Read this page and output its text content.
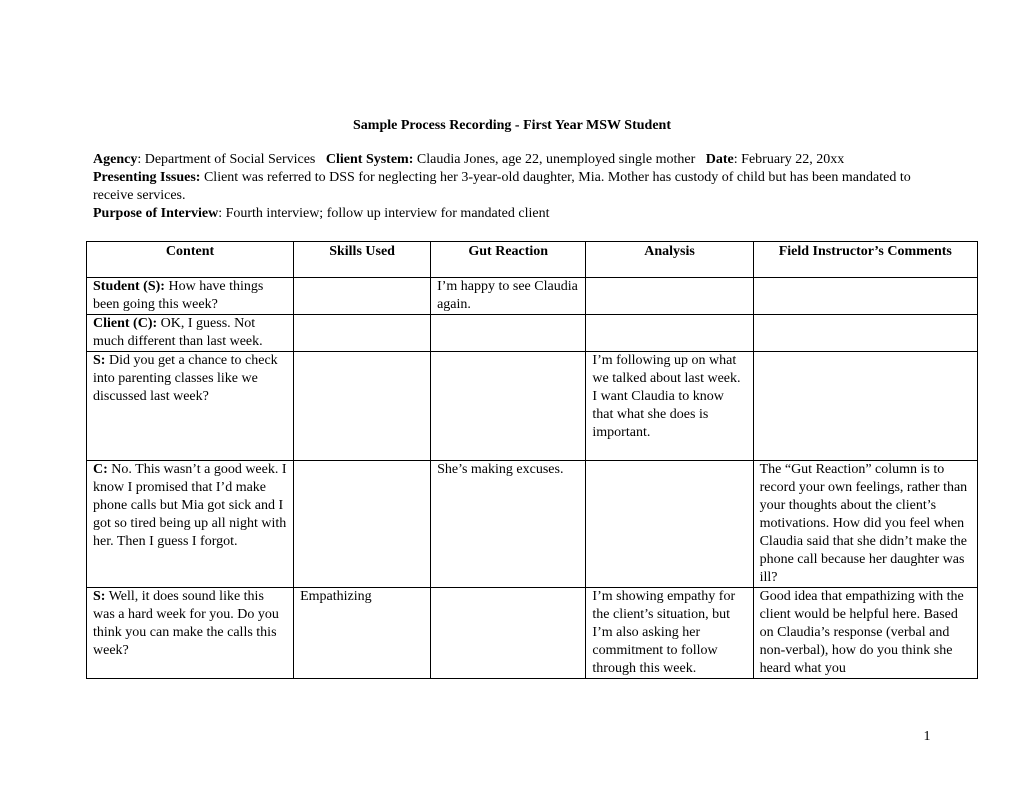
Sample Process Recording - First Year MSW Student

Agency: Department of Social Services Client System: Claudia Jones, age 22, unemployed single mother Date: February 22, 20xx

Presenting Issues: Client was referred to DSS for neglecting her 3-year-old daughter, Mia. Mother has custody of child but has been mandated to receive services.

Purpose of Interview: Fourth interview; follow up interview for mandated client

Content	Skills Used	Gut Reaction	Analysis	Field Instructor’s Comments
Student (S): How have things been going this week?		I’m happy to see Claudia again.		
Client (C): OK, I guess. Not much different than last week.				
S: Did you get a chance to check into parenting classes like we discussed last week?			I’m following up on what we talked about last week. I want Claudia to know that what she does is important.	
C: No. This wasn’t a good week. I know I promised that I’d make phone calls but Mia got sick and I got so tired being up all night with her. Then I guess I forgot.		She’s making excuses.		The “Gut Reaction” column is to record your own feelings, rather than your thoughts about the client’s motivations. How did you feel when Claudia said that she didn’t make the phone call because her daughter was ill?
S: Well, it does sound like this was a hard week for you. Do you think you can make the calls this week?	Empathizing		I’m showing empathy for the client’s situation, but I’m also asking her commitment to follow through this week.	Good idea that empathizing with the client would be helpful here. Based on Claudia’s response (verbal and non-verbal), how do you think she heard what you
1
